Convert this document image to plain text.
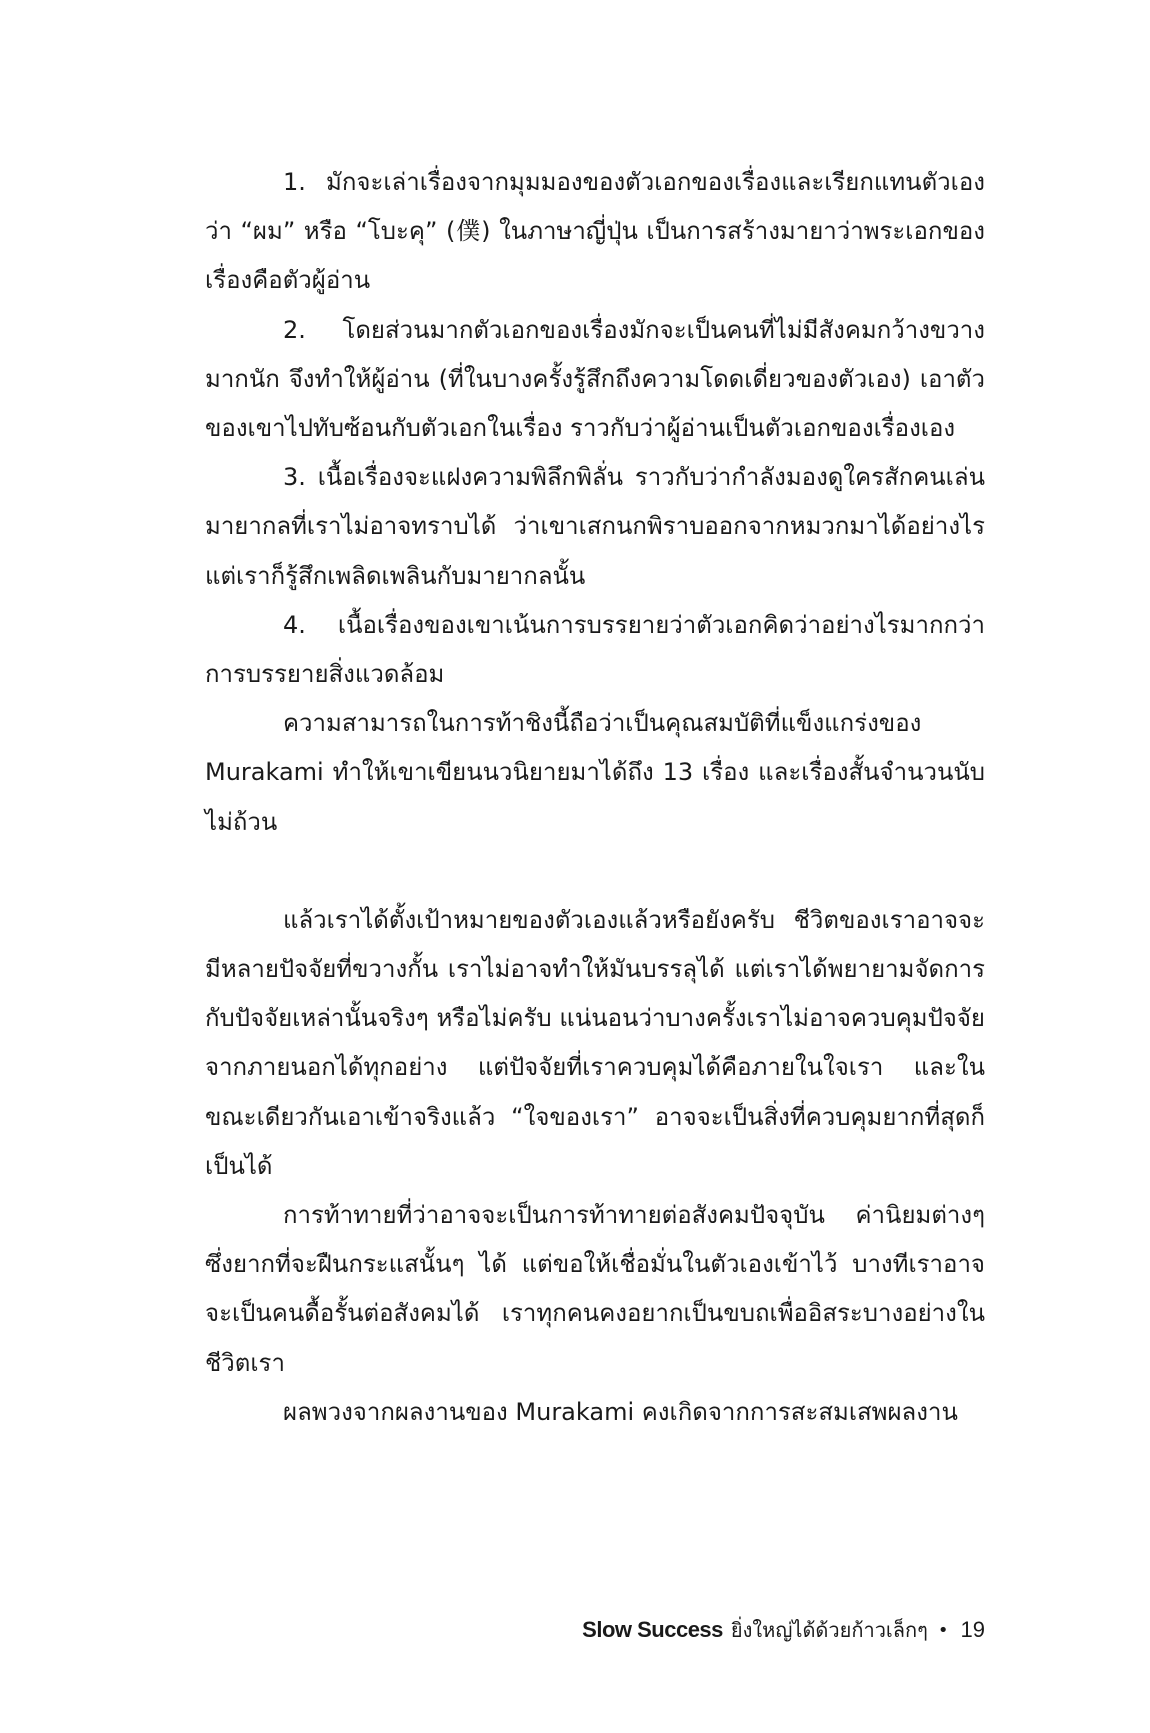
1. มักจะเล่าเรื่องจากมุมมองของตัวเอกของเรื่องและเรียกแทนตัวเองว่า “ผม” หรือ “โบะคุ” (僕) ในภาษาญี่ปุ่น เป็นการสร้างมายาว่าพระเอกของเรื่องคือตัวผู้อ่าน

2. โดยส่วนมากตัวเอกของเรื่องมักจะเป็นคนที่ไม่มีสังคมกว้างขวางมากนัก จึงทำให้ผู้อ่าน (ที่ในบางครั้งรู้สึกถึงความโดดเดี่ยวของตัวเอง) เอาตัวของเขาไปทับซ้อนกับตัวเอกในเรื่อง ราวกับว่าผู้อ่านเป็นตัวเอกของเรื่องเอง

3. เนื้อเรื่องจะแฝงความพิลึกพิลั่น ราวกับว่ากำลังมองดูใครสักคนเล่นมายากลที่เราไม่อาจทราบได้ ว่าเขาเสกนกพิราบออกจากหมวกมาได้อย่างไร แต่เราก็รู้สึกเพลิดเพลินกับมายากลนั้น

4. เนื้อเรื่องของเขาเน้นการบรรยายว่าตัวเอกคิดว่าอย่างไรมากกว่าการบรรยายสิ่งแวดล้อม

ความสามารถในการท้าชิงนี้ถือว่าเป็นคุณสมบัติที่แข็งแกร่งของ Murakami ทำให้เขาเขียนนวนิยายมาได้ถึง 13 เรื่อง และเรื่องสั้นจำนวนนับไม่ถ้วน

แล้วเราได้ตั้งเป้าหมายของตัวเองแล้วหรือยังครับ ชีวิตของเราอาจจะมีหลายปัจจัยที่ขวางกั้น เราไม่อาจทำให้มันบรรลุได้ แต่เราได้พยายามจัดการกับปัจจัยเหล่านั้นจริงๆ หรือไม่ครับ แน่นอนว่าบางครั้งเราไม่อาจควบคุมปัจจัยจากภายนอกได้ทุกอย่าง แต่ปัจจัยที่เราควบคุมได้คือภายในใจเรา และในขณะเดียวกันเอาเข้าจริงแล้ว “ใจของเรา” อาจจะเป็นสิ่งที่ควบคุมยากที่สุดก็เป็นได้

การท้าทายที่ว่าอาจจะเป็นการท้าทายต่อสังคมปัจจุบัน ค่านิยมต่างๆ ซึ่งยากที่จะฝืนกระแสนั้นๆ ได้ แต่ขอให้เชื่อมั่นในตัวเองเข้าไว้ บางทีเราอาจจะเป็นคนดื้อรั้นต่อสังคมได้ เราทุกคนคงอยากเป็นขบถเพื่ออิสระบางอย่างในชีวิตเรา

ผลพวงจากผลงานของ Murakami คงเกิดจากการสะสมเสพผลงาน

Slow Success ยิ่งใหญ่ได้ด้วยก้าวเล็กๆ • 19
